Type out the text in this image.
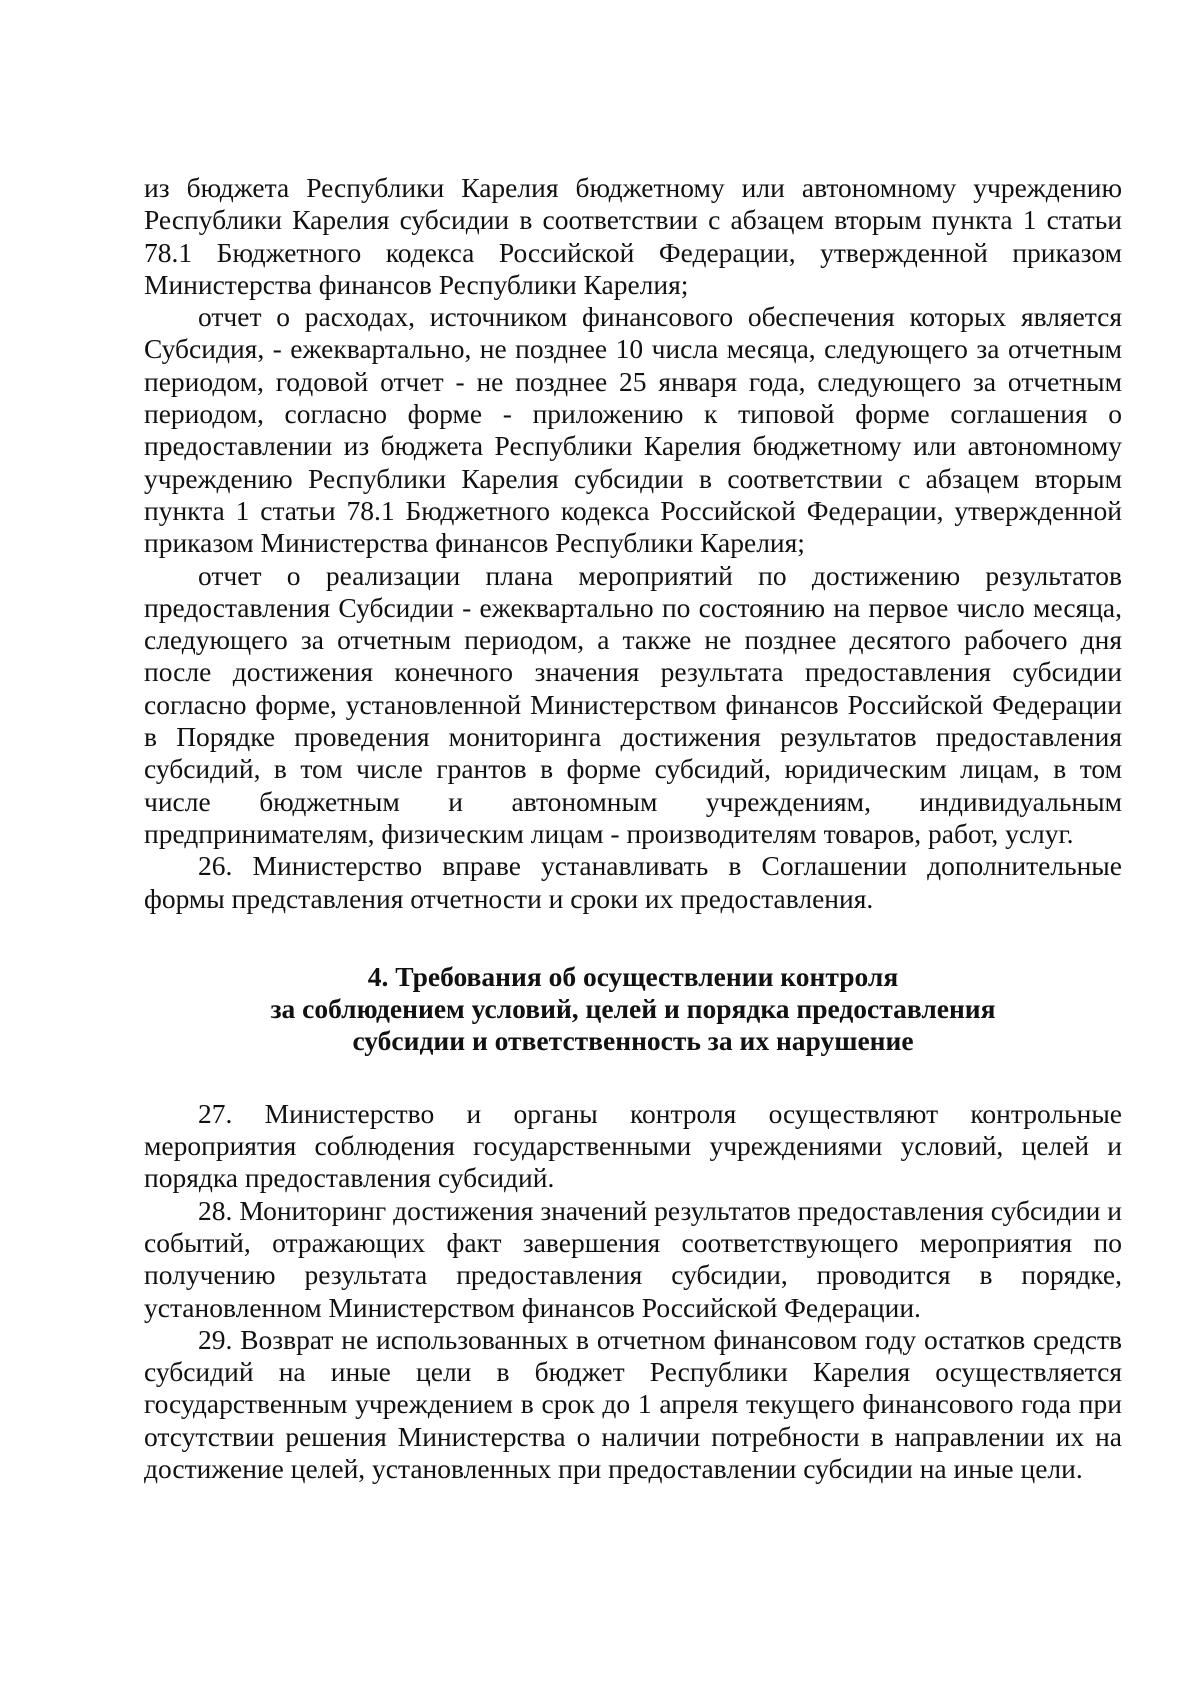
из бюджета Республики Карелия бюджетному или автономному учреждению Республики Карелия субсидии в соответствии с абзацем вторым пункта 1 статьи 78.1 Бюджетного кодекса Российской Федерации, утвержденной приказом Министерства финансов Республики Карелия;

отчет о расходах, источником финансового обеспечения которых является Субсидия, - ежеквартально, не позднее 10 числа месяца, следующего за отчетным периодом, годовой отчет - не позднее 25 января года, следующего за отчетным периодом, согласно форме - приложению к типовой форме соглашения о предоставлении из бюджета Республики Карелия бюджетному или автономному учреждению Республики Карелия субсидии в соответствии с абзацем вторым пункта 1 статьи 78.1 Бюджетного кодекса Российской Федерации, утвержденной приказом Министерства финансов Республики Карелия;

отчет о реализации плана мероприятий по достижению результатов предоставления Субсидии - ежеквартально по состоянию на первое число месяца, следующего за отчетным периодом, а также не позднее десятого рабочего дня после достижения конечного значения результата предоставления субсидии согласно форме, установленной Министерством финансов Российской Федерации в Порядке проведения мониторинга достижения результатов предоставления субсидий, в том числе грантов в форме субсидий, юридическим лицам, в том числе бюджетным и автономным учреждениям, индивидуальным предпринимателям, физическим лицам - производителям товаров, работ, услуг.

26. Министерство вправе устанавливать в Соглашении дополнительные формы представления отчетности и сроки их предоставления.

4. Требования об осуществлении контроля
за соблюдением условий, целей и порядка предоставления
субсидии и ответственность за их нарушение

27. Министерство и органы контроля осуществляют контрольные мероприятия соблюдения государственными учреждениями условий, целей и порядка предоставления субсидий.

28. Мониторинг достижения значений результатов предоставления субсидии и событий, отражающих факт завершения соответствующего мероприятия по получению результата предоставления субсидии, проводится в порядке, установленном Министерством финансов Российской Федерации.

29. Возврат не использованных в отчетном финансовом году остатков средств субсидий на иные цели в бюджет Республики Карелия осуществляется государственным учреждением в срок до 1 апреля текущего финансового года при отсутствии решения Министерства о наличии потребности в направлении их на достижение целей, установленных при предоставлении субсидии на иные цели.
